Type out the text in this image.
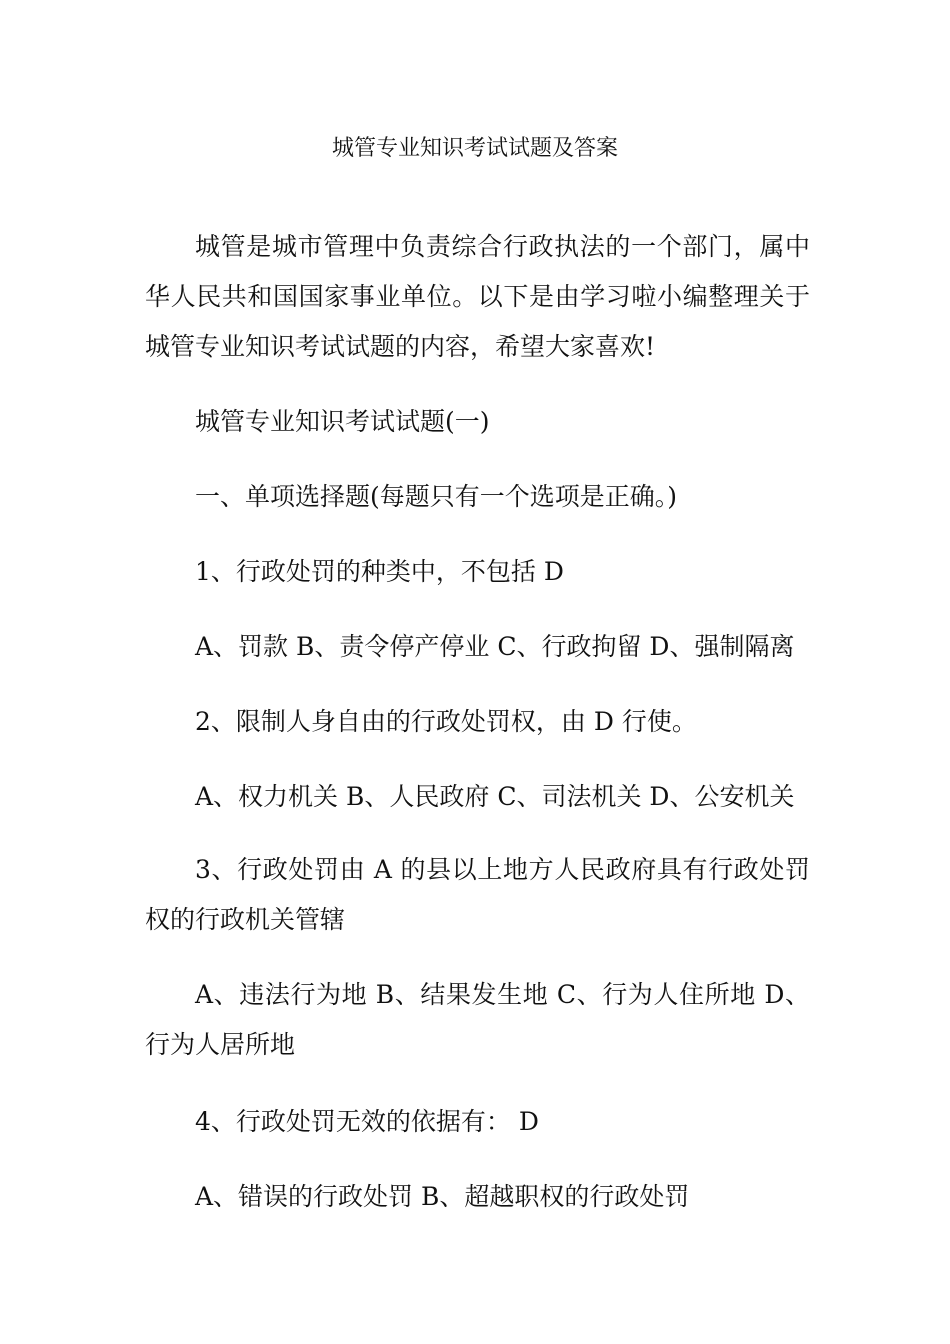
城管专业知识考试试题及答案

城管是城市管理中负责综合行政执法的一个部门，属中华人民共和国国家事业单位。以下是由学习啦小编整理关于城管专业知识考试试题的内容，希望大家喜欢!

城管专业知识考试试题(一)

一、单项选择题(每题只有一个选项是正确。)

1、行政处罚的种类中，不包括 D

A、罚款 B、责令停产停业 C、行政拘留 D、强制隔离

2、限制人身自由的行政处罚权，由 D 行使。

A、权力机关 B、人民政府 C、司法机关 D、公安机关

3、行政处罚由 A 的县以上地方人民政府具有行政处罚权的行政机关管辖

A、违法行为地 B、结果发生地 C、行为人住所地 D、行为人居所地

4、行政处罚无效的依据有： D

A、错误的行政处罚 B、超越职权的行政处罚
